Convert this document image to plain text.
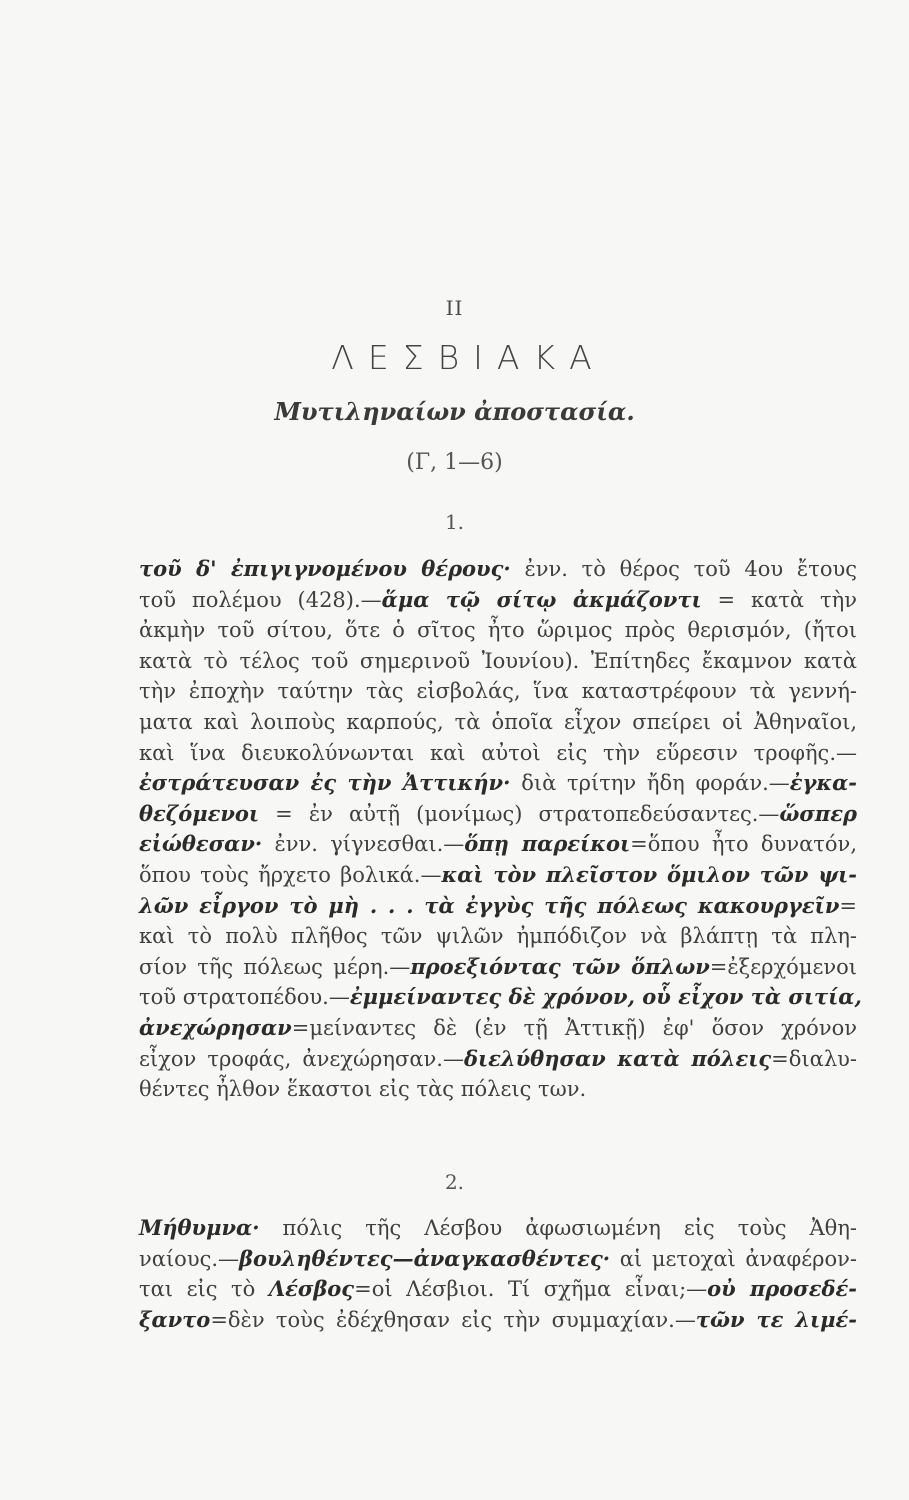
II
ΛΕΣΒΙΑΚΑ
Μυτιληναίων ἀποστασία.
(Γ, 1—6)
1.
τοῦ δ' ἐπιγιγνομένου θέρους· ἐνν. τὸ θέρος τοῦ 4ου ἔτους
τοῦ πολέμου (428).—ἅμα τῷ σίτῳ ἀκμάζοντι = κατὰ τὴν
ἀκμὴν τοῦ σίτου, ὅτε ὁ σῖτος ἦτο ὥριμος πρὸς θερισμόν, (ἤτοι
κατὰ τὸ τέλος τοῦ σημερινοῦ Ἰουνίου). Ἐπίτηδες ἔκαμνον κατὰ
τὴν ἐποχὴν ταύτην τὰς εἰσβολάς, ἵνα καταστρέφουν τὰ γεννή-
ματα καὶ λοιποὺς καρπούς, τὰ ὁποῖα εἶχον σπείρει οἱ Ἀθηναῖοι,
καὶ ἵνα διευκολύνωνται καὶ αὐτοὶ εἰς τὴν εὕρεσιν τροφῆς.—
ἐστράτευσαν ἐς τὴν Ἀττικήν· διὰ τρίτην ἤδη φοράν.—ἐγκα-
θεζόμενοι = ἐν αὐτῇ (μονίμως) στρατοπεδεύσαντες.—ὥσπερ
εἰώθεσαν· ἐνν. γίγνεσθαι.—ὅπῃ παρείκοι=ὅπου ἦτο δυνατόν,
ὅπου τοὺς ἤρχετο βολικά.—καὶ τὸν πλεῖστον ὅμιλον τῶν ψι-
λῶν εἶργον τὸ μὴ . . . τὰ ἐγγὺς τῆς πόλεως κακουργεῖν=
καὶ τὸ πολὺ πλῆθος τῶν ψιλῶν ἠμπόδιζον νὰ βλάπτῃ τὰ πλη-
σίον τῆς πόλεως μέρη.—προεξιόντας τῶν ὅπλων=ἐξερχόμενοι
τοῦ στρατοπέδου.—ἐμμείναντες δὲ χρόνον, οὗ εἶχον τὰ σιτία,
ἀνεχώρησαν=μείναντες δὲ (ἐν τῇ Ἀττικῇ) ἐφ' ὅσον χρόνον
εἶχον τροφάς, ἀνεχώρησαν.—διελύθησαν κατὰ πόλεις=διαλυ-
θέντες ἦλθον ἕκαστοι εἰς τὰς πόλεις των.
2.
Μήθυμνα· πόλις τῆς Λέσβου ἀφωσιωμένη εἰς τοὺς Ἀθη-
ναίους.—βουληθέντες—ἀναγκασθέντες· αἱ μετοχαὶ ἀναφέρον-
ται εἰς τὸ Λέσβος=οἱ Λέσβιοι. Τί σχῆμα εἶναι;—οὐ προσεδέ-
ξαντο=δὲν τοὺς ἐδέχθησαν εἰς τὴν συμμαχίαν.—τῶν τε λιμέ-
